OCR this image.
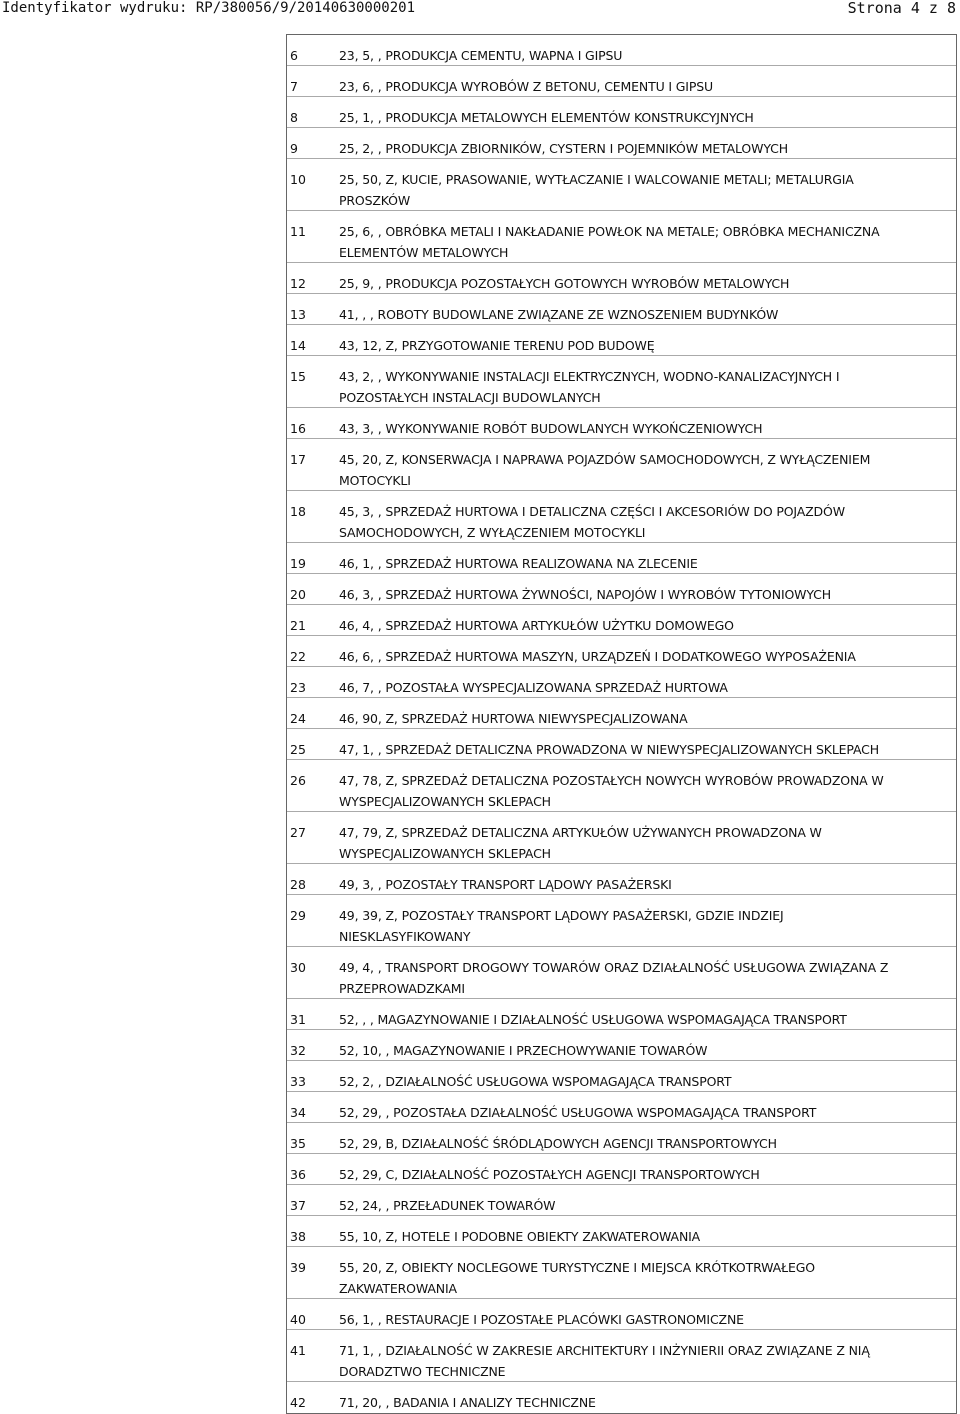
Identyfikator wydruku: RP/380056/9/20140630000201	Strona 4 z 8
6	23, 5, , PRODUKCJA CEMENTU, WAPNA I GIPSU
7	23, 6, , PRODUKCJA WYROBÓW Z BETONU, CEMENTU I GIPSU
8	25, 1, , PRODUKCJA METALOWYCH ELEMENTÓW KONSTRUKCYJNYCH
9	25, 2, , PRODUKCJA ZBIORNIKÓW, CYSTERN I POJEMNIKÓW METALOWYCH
10	25, 50, Z, KUCIE, PRASOWANIE, WYTŁACZANIE I WALCOWANIE METALI; METALURGIA
PROSZKÓW
11	25, 6, , OBRÓBKA METALI I NAKŁADANIE POWŁOK NA METALE; OBRÓBKA MECHANICZNA
ELEMENTÓW METALOWYCH
12	25, 9, , PRODUKCJA POZOSTAŁYCH GOTOWYCH WYROBÓW METALOWYCH
13	41, , , ROBOTY BUDOWLANE ZWIĄZANE ZE WZNOSZENIEM BUDYNKÓW
14	43, 12, Z, PRZYGOTOWANIE TERENU POD BUDOWĘ
15	43, 2, , WYKONYWANIE INSTALACJI ELEKTRYCZNYCH, WODNO-KANALIZACYJNYCH I
POZOSTAŁYCH INSTALACJI BUDOWLANYCH
16	43, 3, , WYKONYWANIE ROBÓT BUDOWLANYCH WYKOŃCZENIOWYCH
17	45, 20, Z, KONSERWACJA I NAPRAWA POJAZDÓW SAMOCHODOWYCH, Z WYŁĄCZENIEM
MOTOCYKLI
18	45, 3, , SPRZEDAŻ HURTOWA I DETALICZNA CZĘŚCI I AKCESORIÓW DO POJAZDÓW
SAMOCHODOWYCH, Z WYŁĄCZENIEM MOTOCYKLI
19	46, 1, , SPRZEDAŻ HURTOWA REALIZOWANA NA ZLECENIE
20	46, 3, , SPRZEDAŻ HURTOWA ŻYWNOŚCI, NAPOJÓW I WYROBÓW TYTONIOWYCH
21	46, 4, , SPRZEDAŻ HURTOWA ARTYKUŁÓW UŻYTKU DOMOWEGO
22	46, 6, , SPRZEDAŻ HURTOWA MASZYN, URZĄDZEŃ I DODATKOWEGO WYPOSAŻENIA
23	46, 7, , POZOSTAŁA WYSPECJALIZOWANA SPRZEDAŻ HURTOWA
24	46, 90, Z, SPRZEDAŻ HURTOWA NIEWYSPECJALIZOWANA
25	47, 1, , SPRZEDAŻ DETALICZNA PROWADZONA W NIEWYSPECJALIZOWANYCH SKLEPACH
26	47, 78, Z, SPRZEDAŻ DETALICZNA POZOSTAŁYCH NOWYCH WYROBÓW PROWADZONA W
WYSPECJALIZOWANYCH SKLEPACH
27	47, 79, Z, SPRZEDAŻ DETALICZNA ARTYKUŁÓW UŻYWANYCH PROWADZONA W
WYSPECJALIZOWANYCH SKLEPACH
28	49, 3, , POZOSTAŁY TRANSPORT LĄDOWY PASAŻERSKI
29	49, 39, Z, POZOSTAŁY TRANSPORT LĄDOWY PASAŻERSKI, GDZIE INDZIEJ
NIESKLASYFIKOWANY
30	49, 4, , TRANSPORT DROGOWY TOWARÓW ORAZ DZIAŁALNOŚĆ USŁUGOWA ZWIĄZANA Z
PRZEPROWADZKAMI
31	52, , , MAGAZYNOWANIE I DZIAŁALNOŚĆ USŁUGOWA WSPOMAGAJĄCA TRANSPORT
32	52, 10, , MAGAZYNOWANIE I PRZECHOWYWANIE TOWARÓW
33	52, 2, , DZIAŁALNOŚĆ USŁUGOWA WSPOMAGAJĄCA TRANSPORT
34	52, 29, , POZOSTAŁA DZIAŁALNOŚĆ USŁUGOWA WSPOMAGAJĄCA TRANSPORT
35	52, 29, B, DZIAŁALNOŚĆ ŚRÓDLĄDOWYCH AGENCJI TRANSPORTOWYCH
36	52, 29, C, DZIAŁALNOŚĆ POZOSTAŁYCH AGENCJI TRANSPORTOWYCH
37	52, 24, , PRZEŁADUNEK TOWARÓW
38	55, 10, Z, HOTELE I PODOBNE OBIEKTY ZAKWATEROWANIA
39	55, 20, Z, OBIEKTY NOCLEGOWE TURYSTYCZNE I MIEJSCA KRÓTKOTRWAŁEGO
ZAKWATEROWANIA
40	56, 1, , RESTAURACJE I POZOSTAŁE PLACÓWKI GASTRONOMICZNE
41	71, 1, , DZIAŁALNOŚĆ W ZAKRESIE ARCHITEKTURY I INŻYNIERII ORAZ ZWIĄZANE Z NIĄ
DORADZTWO TECHNICZNE
42	71, 20, , BADANIA I ANALIZY TECHNICZNE
